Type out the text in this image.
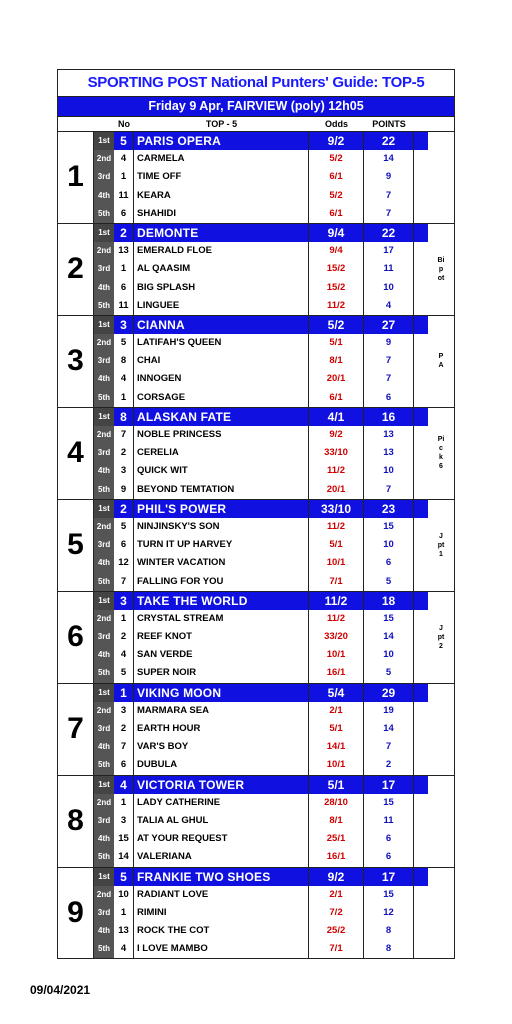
SPORTING POST National Punters' Guide: TOP-5
Friday 9 Apr, FAIRVIEW (poly) 12h05
No	TOP - 5	Odds	POINTS
1
1st 5 PARIS OPERA	9/2	22
2nd	4	CARMELA	5/2	14
3rd	1	TIME OFF	6/1	9
4th 11 KEARA	5/2	7
5th	6	SHAHIDI	6/1	7
2
1st 2 DEMONTE	9/4	22
2nd 13 EMERALD FLOE	9/4	17
3rd	1	AL QAASIM	15/2	11
4th	6	BIG SPLASH	15/2	10
5th 11 LINGUEE	11/2	4
Bipot
3
1st 3 CIANNA	5/2	27
2nd	5	LATIFAH'S QUEEN	5/1	9
3rd	8	CHAI	8/1	7
4th	4	INNOGEN	20/1	7
5th	1	CORSAGE	6/1	6
PA
4
1st 8 ALASKAN FATE	4/1	16
2nd	7	NOBLE PRINCESS	9/2	13
3rd	2	CERELIA	33/10	13
4th	3	QUICK WIT	11/2	10
5th	9	BEYOND TEMTATION	20/1	7
Pick 6
5
1st 2 PHIL'S POWER	33/10	23
2nd	5	NINJINSKY'S SON	11/2	15
3rd	6	TURN IT UP HARVEY	5/1	10
4th 12 WINTER VACATION	10/1	6
5th	7	FALLING FOR YOU	7/1	5
Jpt 1
6
1st 3 TAKE THE WORLD	11/2	18
2nd	1	CRYSTAL STREAM	11/2	15
3rd	2	REEF KNOT	33/20	14
4th	4	SAN VERDE	10/1	10
5th	5	SUPER NOIR	16/1	5
Jpt 2
7
1st 1 VIKING MOON	5/4	29
2nd	3	MARMARA SEA	2/1	19
3rd	2	EARTH HOUR	5/1	14
4th	7	VAR'S BOY	14/1	7
5th	6	DUBULA	10/1	2
8
1st 4 VICTORIA TOWER	5/1	17
2nd	1	LADY CATHERINE	28/10	15
3rd	3	TALIA AL GHUL	8/1	11
4th 15 AT YOUR REQUEST	25/1	6
5th 14 VALERIANA	16/1	6
9
1st 5 FRANKIE TWO SHOES	9/2	17
2nd 10 RADIANT LOVE	2/1	15
3rd	1	RIMINI	7/2	12
4th 13 ROCK THE COT	25/2	8
5th	4	I LOVE MAMBO	7/1	8
09/04/2021
